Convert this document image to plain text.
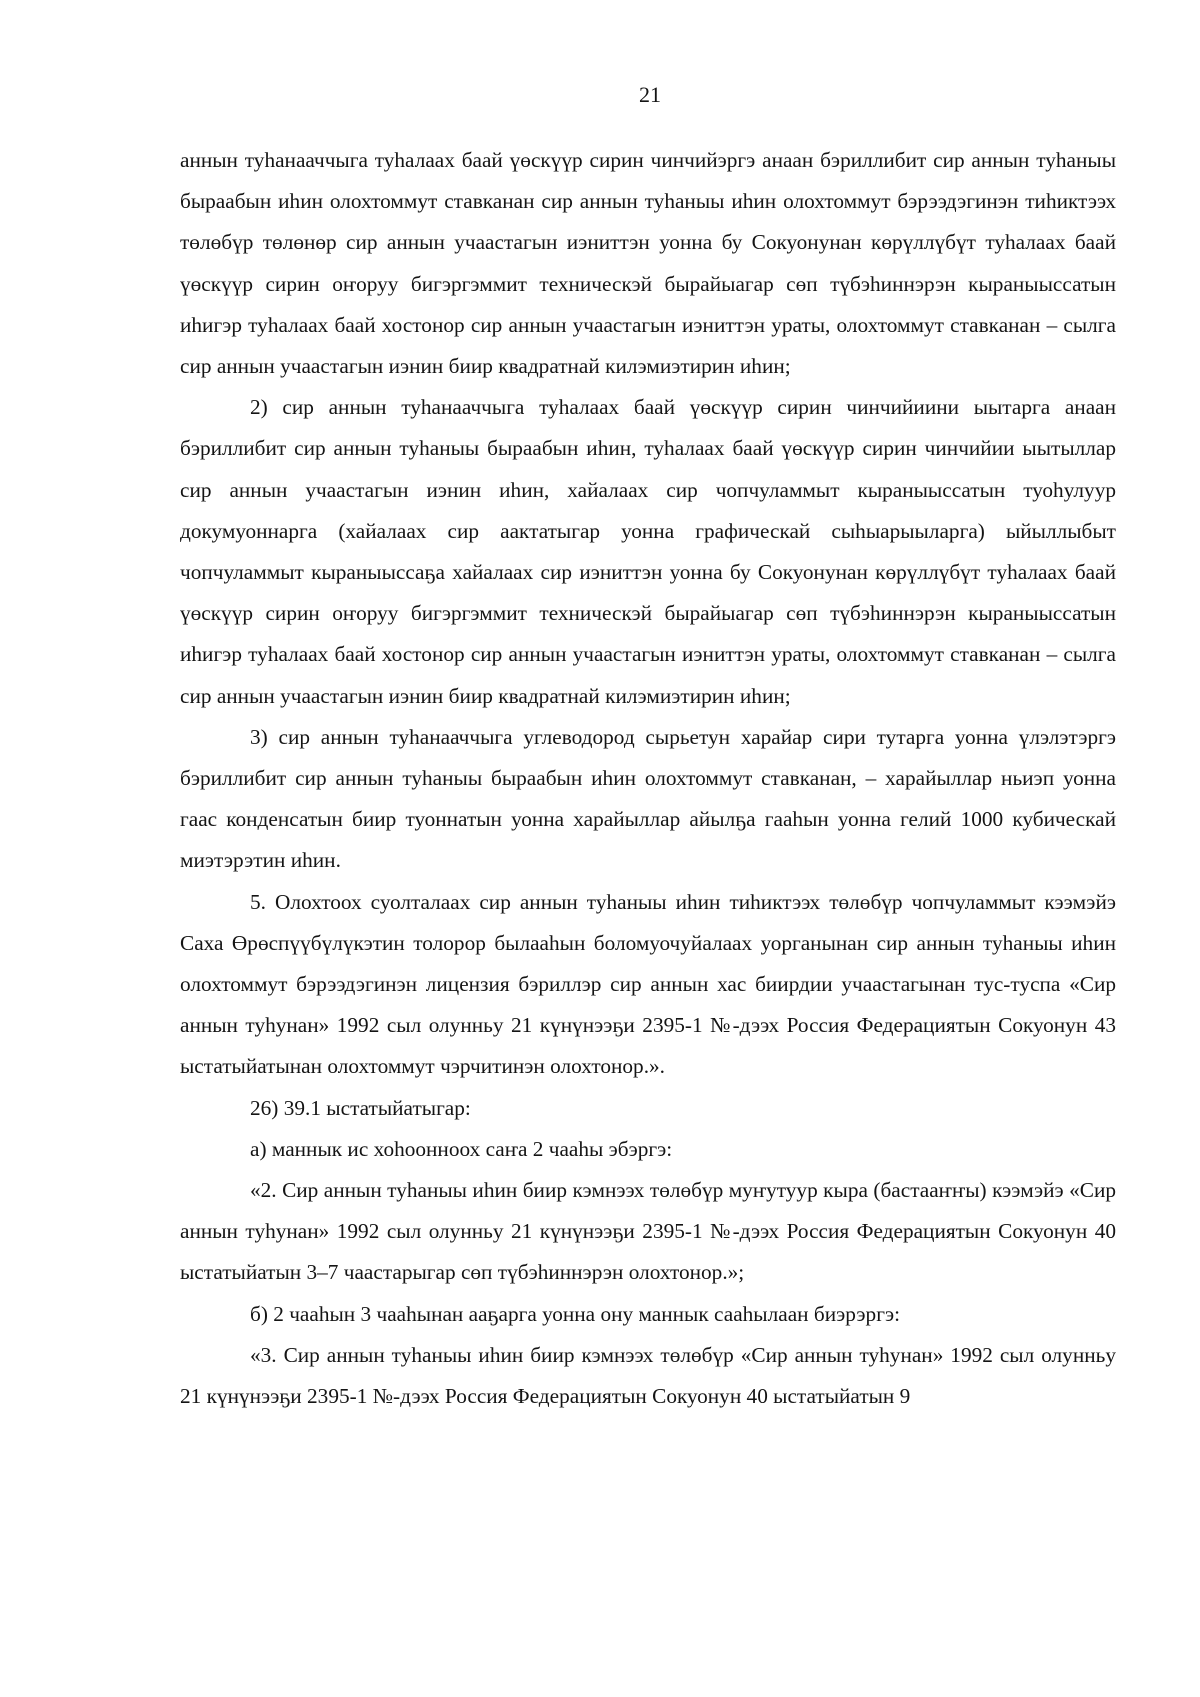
21

аннын туһанааччыга туһалаах баай үөскүүр сирин чинчийэргэ анаан бэриллибит сир аннын туһаныы быраабын иһин олохтоммут ставканан сир аннын туһаныы иһин олохтоммут бэрээдэгинэн тиһиктээх төлөбүр төлөнөр сир аннын учаастагын иэниттэн уонна бу Сокуонунан көрүллүбүт туһалаах баай үөскүүр сирин оҥоруу бигэргэммит техническэй бырайыагар сөп түбэһиннэрэн кыраныыссатын иһигэр туһалаах баай хостонор сир аннын учаастагын иэниттэн ураты, олохтоммут ставканан – сылга сир аннын учаастагын иэнин биир квадратнай килэмиэтирин иһин;

2) сир аннын туһанааччыга туһалаах баай үөскүүр сирин чинчийиини ыытарга анаан бэриллибит сир аннын туһаныы быраабын иһин, туһалаах баай үөскүүр сирин чинчийии ыытыллар сир аннын учаастагын иэнин иһин, хайалаах сир чопчуламмыт кыраныыссатын туоһулуур докумуоннарга (хайалаах сир аактатыгар уонна графическай сыһыарыыларга) ыйыллыбыт чопчуламмыт кыраныыссаҕа хайалаах сир иэниттэн уонна бу Сокуонунан көрүллүбүт туһалаах баай үөскүүр сирин оҥоруу бигэргэммит техническэй бырайыагар сөп түбэһиннэрэн кыраныыссатын иһигэр туһалаах баай хостонор сир аннын учаастагын иэниттэн ураты, олохтоммут ставканан – сылга сир аннын учаастагын иэнин биир квадратнай килэмиэтирин иһин;

3) сир аннын туһанааччыга углеводород сырьетун харайар сири тутарга уонна үлэлэтэргэ бэриллибит сир аннын туһаныы быраабын иһин олохтоммут ставканан, – харайыллар ньиэп уонна гаас конденсатын биир туоннатын уонна харайыллар айылҕа гааһын уонна гелий 1000 кубическай миэтэрэтин иһин.

5. Олохтоох суолталаах сир аннын туһаныы иһин тиһиктээх төлөбүр чопчуламмыт кээмэйэ Саха Өрөспүүбүлүкэтин толорор былааһын боломуочуйалаах уорганынан сир аннын туһаныы иһин олохтоммут бэрээдэгинэн лицензия бэриллэр сир аннын хас биирдии учаастагынан тус-туспа «Сир аннын туһунан» 1992 сыл олунньу 21 күнүнээҕи 2395-1 №-дээх Россия Федерациятын Сокуонун 43 ыстатыйатынан олохтоммут чэрчитинэн олохтонор.».

26) 39.1 ыстатыйатыгар:

а) маннык ис хоһоонноох саҥа 2 чааһы эбэргэ:

«2. Сир аннын туһаныы иһин биир кэмнээх төлөбүр муҥутуур кыра (бастааҥҥы) кээмэйэ «Сир аннын туһунан» 1992 сыл олунньу 21 күнүнээҕи 2395-1 №-дээх Россия Федерациятын Сокуонун 40 ыстатыйатын 3–7 чаастарыгар сөп түбэһиннэрэн олохтонор.»;

б) 2 чааһын 3 чааһынан ааҕарга уонна ону маннык сааһылаан биэрэргэ:

«3. Сир аннын туһаныы иһин биир кэмнээх төлөбүр «Сир аннын туһунан» 1992 сыл олунньу 21 күнүнээҕи 2395-1 №-дээх Россия Федерациятын Сокуонун 40 ыстатыйатын 9
